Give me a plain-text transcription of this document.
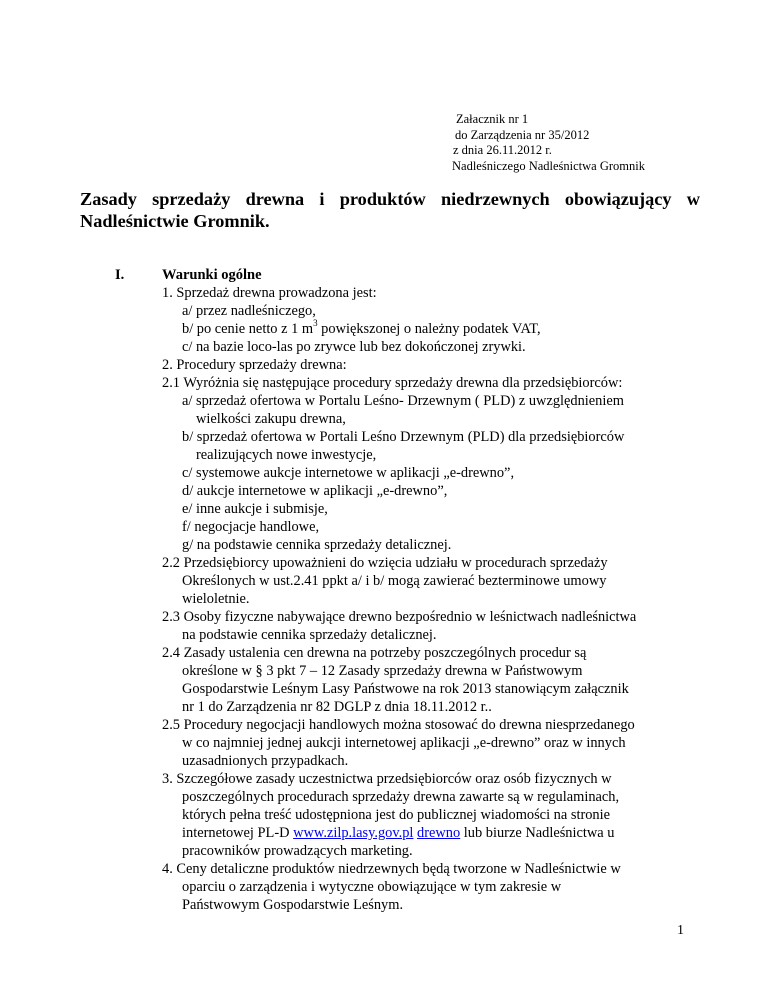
Załacznik nr 1
do Zarządzenia nr 35/2012
z dnia 26.11.2012 r.
Nadleśniczego Nadleśnictwa Gromnik
Zasady sprzedaży drewna i produktów niedrzewnych obowiązujący w
Nadleśnictwie Gromnik.
I.	Warunki ogólne
1. Sprzedaż drewna prowadzona jest:
a/ przez nadleśniczego,
b/ po cenie netto z 1 $m^3$ powiększonej o należny podatek VAT,
c/ na bazie loco-las po zrywce lub bez dokończonej zrywki.
2. Procedury sprzedaży drewna:
2.1 Wyróżnia się następujące procedury sprzedaży drewna dla przedsiębiorców:
a/ sprzedaż ofertowa w Portalu Leśno- Drzewnym ( PLD) z uwzględnieniem
wielkości zakupu drewna,
b/ sprzedaż ofertowa w Portali Leśno Drzewnym (PLD) dla przedsiębiorców
realizujących nowe inwestycje,
c/ systemowe aukcje internetowe w aplikacji „e-drewno”,
d/ aukcje internetowe w aplikacji „e-drewno”,
e/ inne aukcje i submisje,
f/ negocjacje handlowe,
g/ na podstawie cennika sprzedaży detalicznej.
2.2 Przedsiębiorcy upoważnieni do wzięcia udziału w procedurach sprzedaży
Określonych w ust.2.41 ppkt a/ i b/ mogą zawierać bezterminowe umowy
wieloletnie.
2.3 Osoby fizyczne nabywające drewno bezpośrednio w leśnictwach nadleśnictwa
na podstawie cennika sprzedaży detalicznej.
2.4 Zasady ustalenia cen drewna na potrzeby poszczególnych procedur są
określone w § 3 pkt 7 – 12 Zasady sprzedaży drewna w Państwowym
Gospodarstwie Leśnym Lasy Państwowe na rok 2013 stanowiącym załącznik
nr 1 do Zarządzenia nr 82 DGLP z dnia 18.11.2012 r..
2.5 Procedury negocjacji handlowych można stosować do drewna niesprzedanego
w co najmniej jednej aukcji internetowej aplikacji „e-drewno” oraz w innych
uzasadnionych przypadkach.
3. Szczegółowe zasady uczestnictwa przedsiębiorców oraz osób fizycznych w
poszczególnych procedurach sprzedaży drewna zawarte są w regulaminach,
których pełna treść udostępniona jest do publicznej wiadomości na stronie
internetowej PL-D www.zilp.lasy.gov.pl drewno lub biurze Nadleśnictwa u
pracowników prowadzących marketing.
4. Ceny detaliczne produktów niedrzewnych będą tworzone w Nadleśnictwie w
oparciu o zarządzenia i wytyczne obowiązujące w tym zakresie w
Państwowym Gospodarstwie Leśnym.
1
